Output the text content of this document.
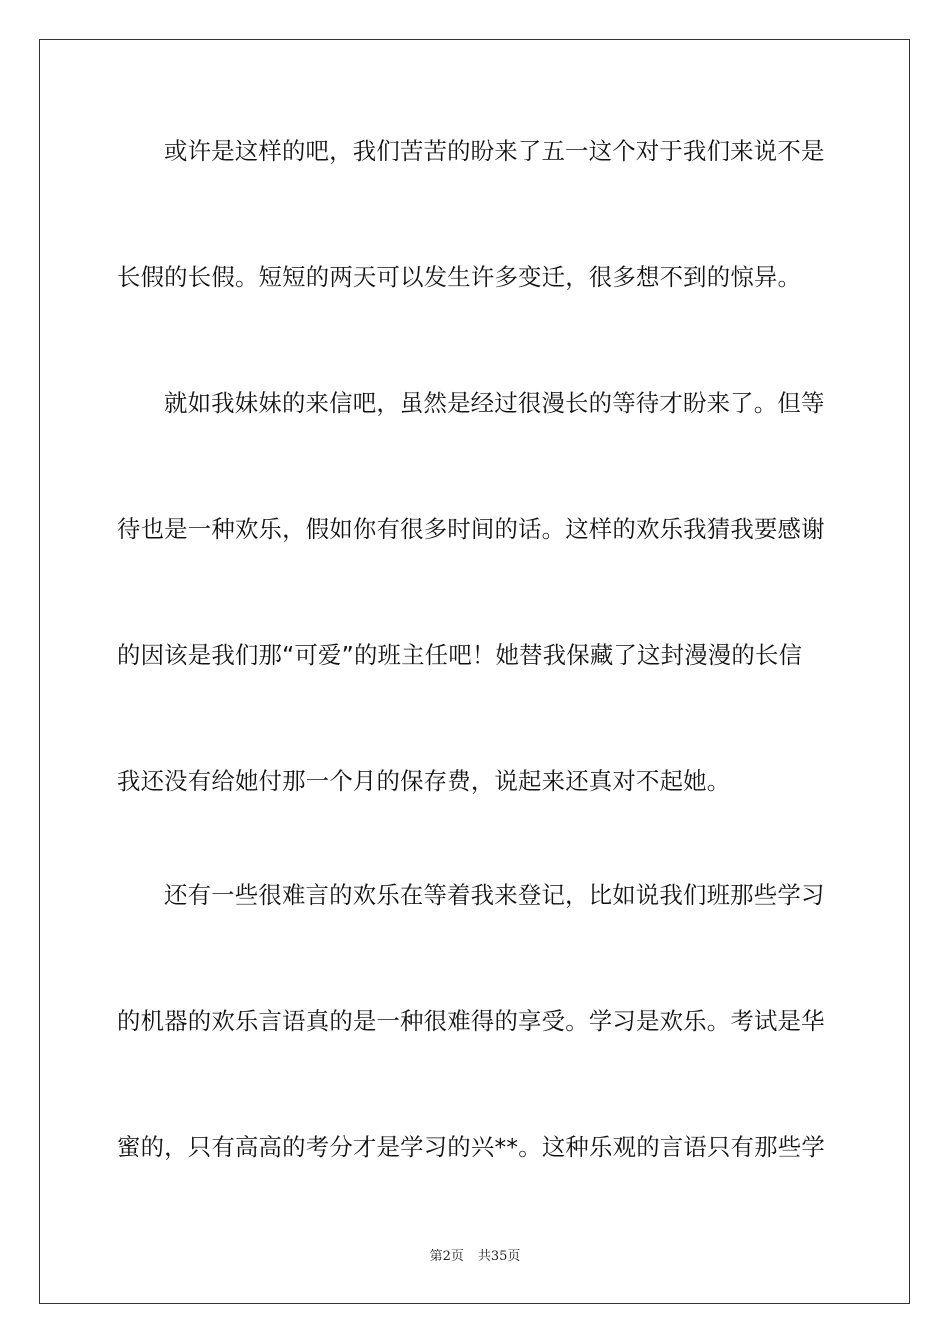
或许是这样的吧，我们苦苦的盼来了五一这个对于我们来说不是
长假的长假。短短的两天可以发生许多变迁，很多想不到的惊异。
就如我妹妹的来信吧，虽然是经过很漫长的等待才盼来了。但等
待也是一种欢乐，假如你有很多时间的话。这样的欢乐我猜我要感谢
的因该是我们那“可爱”的班主任吧！她替我保藏了这封漫漫的长信
我还没有给她付那一个月的保存费，说起来还真对不起她。
还有一些很难言的欢乐在等着我来登记，比如说我们班那些学习
的机器的欢乐言语真的是一种很难得的享受。学习是欢乐。考试是华
蜜的，只有高高的考分才是学习的兴**。这种乐观的言语只有那些学
第2页 共35页
